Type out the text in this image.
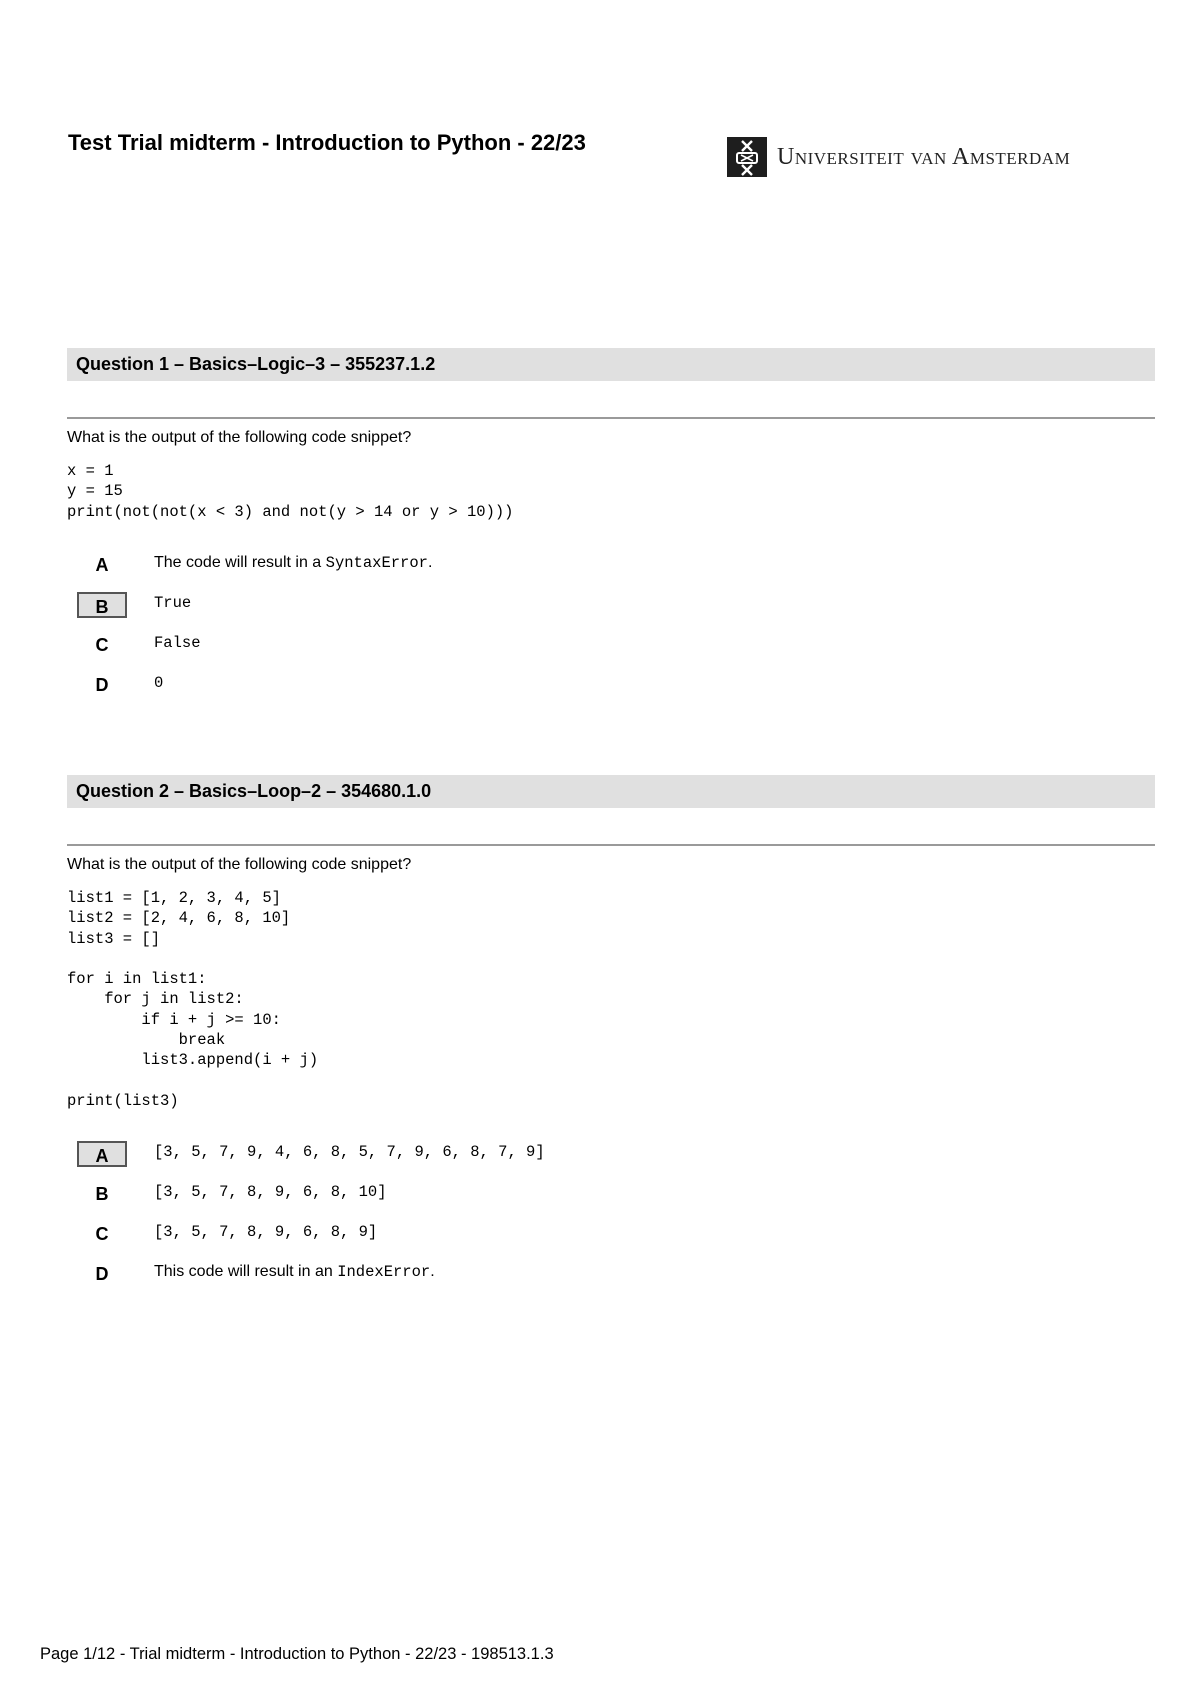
Test Trial midterm - Introduction to Python - 22/23
Universiteit van Amsterdam
Question 1 – Basics–Logic–3 – 355237.1.2
What is the output of the following code snippet?
x = 1
y = 15
print(not(not(x < 3) and not(y > 14 or y > 10)))
A	The code will result in a SyntaxError.
B	True
C	False
D	0
Question 2 – Basics–Loop–2 – 354680.1.0
What is the output of the following code snippet?
list1 = [1, 2, 3, 4, 5]
list2 = [2, 4, 6, 8, 10]
list3 = []

for i in list1:
for j in list2:
if i + j >= 10:
break
list3.append(i + j)

print(list3)
A	[3, 5, 7, 9, 4, 6, 8, 5, 7, 9, 6, 8, 7, 9]
B	[3, 5, 7, 8, 9, 6, 8, 10]
C	[3, 5, 7, 8, 9, 6, 8, 9]
D	This code will result in an IndexError.
Page 1/12 - Trial midterm - Introduction to Python - 22/23 - 198513.1.3
